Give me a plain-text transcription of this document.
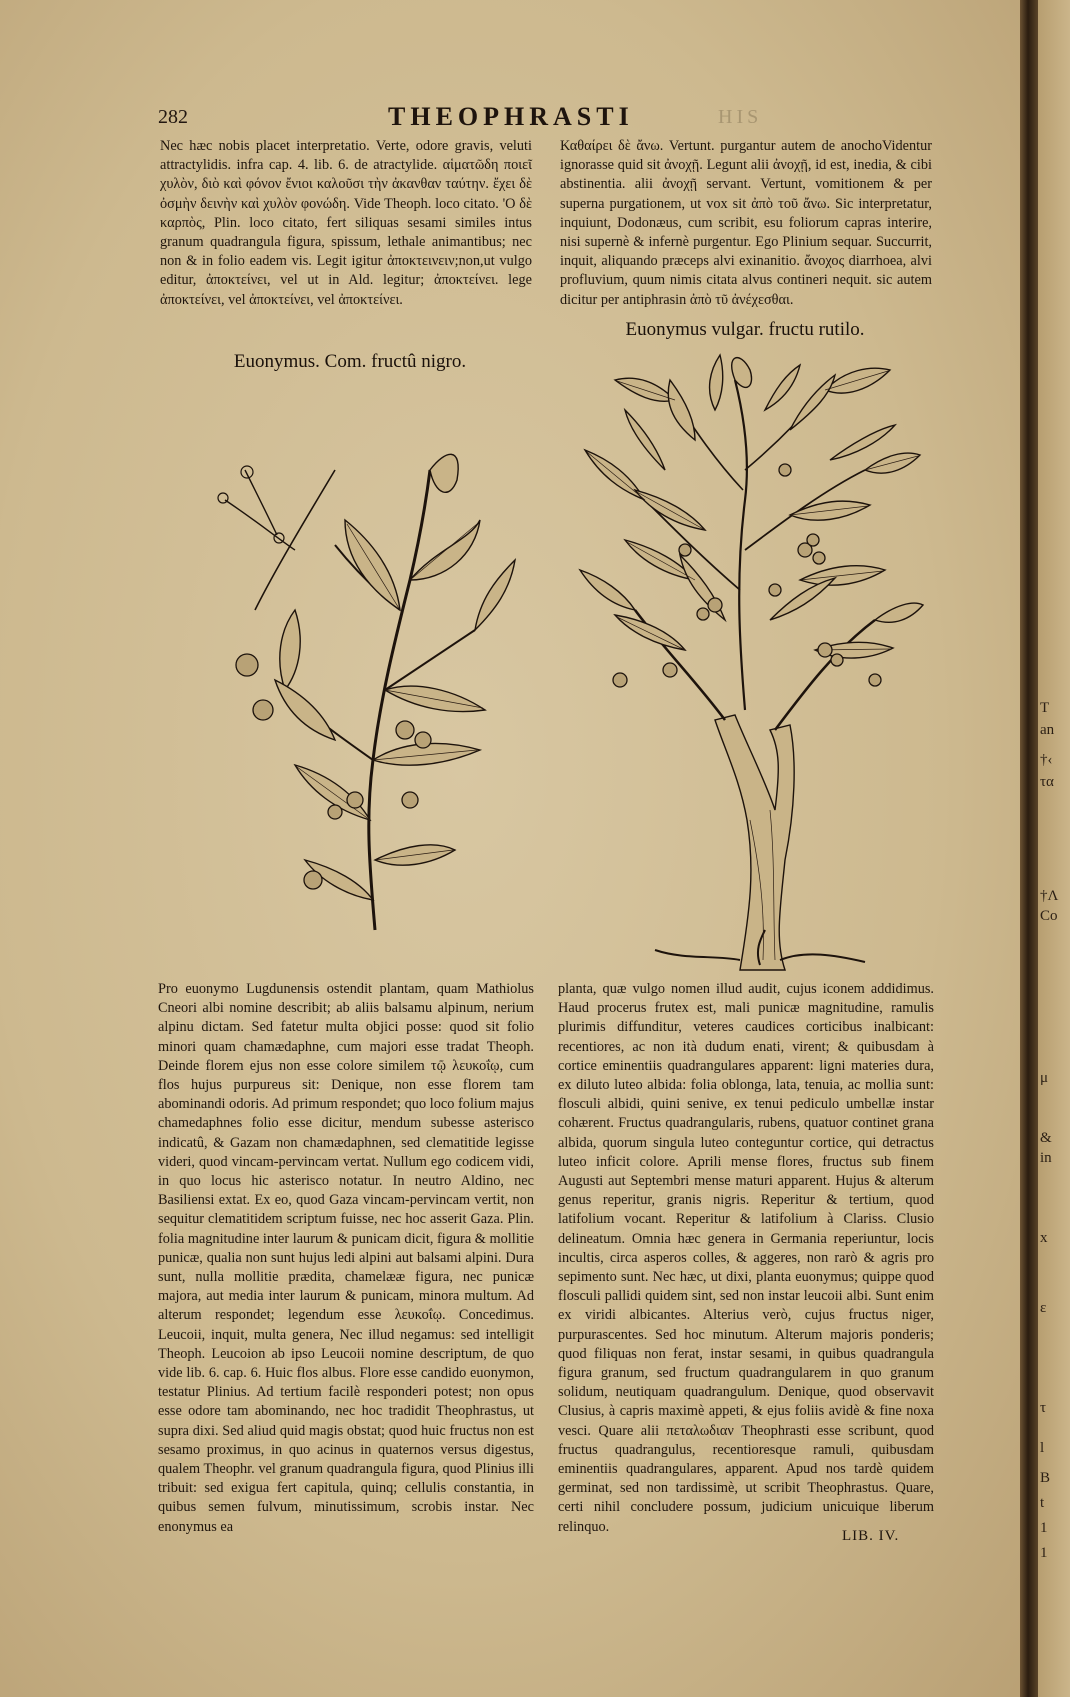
282	THEOPHRASTI	HIS

Nec hæc nobis placet interpretatio. Verte, odore gravis, veluti attractylidis. infra cap. 4. lib. 6. de atractylide. αἱματῶδη ποιεῖ χυλὸν, διὸ καὶ φόνον ἔνιοι καλοῦσι τὴν ἀκανθαν ταύτην. ἔχει δὲ ὀσμὴν δεινὴν καὶ χυλὸν φονώδη. Vide Theoph. loco citato. 'Ο δὲ καρπὸς, Plin. loco citato, fert siliquas sesami similes intus granum quadrangula figura, spissum, lethale animantibus; nec non & in folio eadem vis. Legit igitur ἀποκτεινειν;non,ut vulgo editur, ἀποκτείνει, vel ut in Ald. legitur; ἀποκτείνει. lege ἀποκτείνει, vel ἀποκτείνει, vel ἀποκτείνει.

Καθαίρει δὲ ἄνω. Vertunt. purgantur autem de anochoVidentur ignorasse quid sit ἀνοχῇ. Legunt alii ἀνοχῇ, id est, inedia, & cibi abstinentia. alii ἀνοχῇ servant. Vertunt, vomitionem & per superna purgationem, ut vox sit ἀπὸ τοῦ ἄνω. Sic interpretatur, inquiunt, Dodonæus, cum scribit, esu foliorum capras interire, nisi supernè & infernè purgentur. Ego Plinium sequar. Succurrit, inquit, aliquando præceps alvi exinanitio. ἄνοχος diarrhoea, alvi profluvium, quum nimis citata alvus contineri nequit. sic autem dicitur per antiphrasin ἀπὸ τῦ ἀνέχεσθαι.

Euonymus. Com. fructû nigro.
Euonymus vulgar. fructu rutilo.

Pro euonymo Lugdunensis ostendit plantam, quam Mathiolus Cneori albi nomine describit; ab aliis balsamu alpinum, nerium alpinu dictam. Sed fatetur multa objici posse: quod sit folio minori quam chamædaphne, cum majori esse tradat Theoph. Deinde florem ejus non esse colore similem τῷ λευκοΐῳ, cum flos hujus purpureus sit: Denique, non esse florem tam abominandi odoris. Ad primum respondet; quo loco folium majus chamedaphnes folio esse dicitur, mendum subesse asterisco indicatû, & Gazam non chamædaphnen, sed clematitide legisse videri, quod vincam-pervincam vertat. Nullum ego codicem vidi, in quo locus hic asterisco notatur. In neutro Aldino, nec Basiliensi extat. Ex eo, quod Gaza vincam-pervincam vertit, non sequitur clematitidem scriptum fuisse, nec hoc asserit Gaza. Plin. folia magnitudine inter laurum & punicam dicit, figura & mollitie punicæ, qualia non sunt hujus ledi alpini aut balsami alpini. Dura sunt, nulla mollitie prædita, chamelææ figura, nec punicæ majora, aut media inter laurum & punicam, minora multum. Ad alterum respondet; legendum esse λευκοΐῳ. Concedimus. Leucoii, inquit, multa genera, Nec illud negamus: sed intelligit Theoph. Leucoion ab ipso Leucoii nomine descriptum, de quo vide lib. 6. cap. 6. Huic flos albus. Flore esse candido euonymon, testatur Plinius. Ad tertium facilè responderi potest; non opus esse odore tam abominando, nec hoc tradidit Theophrastus, ut supra dixi. Sed aliud quid magis obstat; quod huic fructus non est sesamo proximus, in quo acinus in quaternos versus digestus, qualem Theophr. vel granum quadrangula figura, quod Plinius illi tribuit: sed exigua fert capitula, quinq; cellulis constantia, in quibus semen fulvum, minutissimum, scrobis instar. Nec enonymus ea

planta, quæ vulgo nomen illud audit, cujus iconem addidimus. Haud procerus frutex est, mali punicæ magnitudine, ramulis plurimis diffunditur, veteres caudices corticibus inalbicant: recentiores, ac non ità dudum enati, virent; & quibusdam à cortice eminentiis quadrangulares apparent: ligni materies dura, ex diluto luteo albida: folia oblonga, lata, tenuia, ac mollia sunt: flosculi albidi, quini senive, ex tenui pediculo umbellæ instar cohærent. Fructus quadrangularis, rubens, quatuor continet grana albida, quorum singula luteo conteguntur cortice, qui detractus luteo inficit colore. Aprili mense flores, fructus sub finem Augusti aut Septembri mense maturi apparent. Hujus & alterum genus reperitur, granis nigris. Reperitur & tertium, quod latifolium vocant. Reperitur & latifolium à Clariss. Clusio delineatum. Omnia hæc genera in Germania reperiuntur, locis incultis, circa asperos colles, & aggeres, non rarò & agris pro sepimento sunt. Nec hæc, ut dixi, planta euonymus; quippe quod flosculi pallidi quidem sint, sed non instar leucoii albi. Sunt enim ex viridi albicantes. Alterius verò, cujus fructus niger, purpurascentes. Sed hoc minutum. Alterum majoris ponderis; quod filiquas non ferat, instar sesami, in quibus quadrangula figura granum, sed fructum quadrangularem in quo granum solidum, neutiquam quadrangulum. Denique, quod observavit Clusius, à capris maximè appeti, & ejus foliis avidè & fine noxa vesci. Quare alii πεταλωδιαν Theophrasti esse scribunt, quod fructus quadrangulus, recentioresque ramuli, quibusdam eminentiis quadrangulares, apparent. Apud nos tardè quidem germinat, sed non tardissimè, ut scribit Theophrastus. Quare, certi nihil concludere possum, judicium unicuique liberum relinquo.

LIB. IV.
T
an
†‹
τα
†Λ
Co
μ
&
in
x
ε
τ
l
B
t
1
1
